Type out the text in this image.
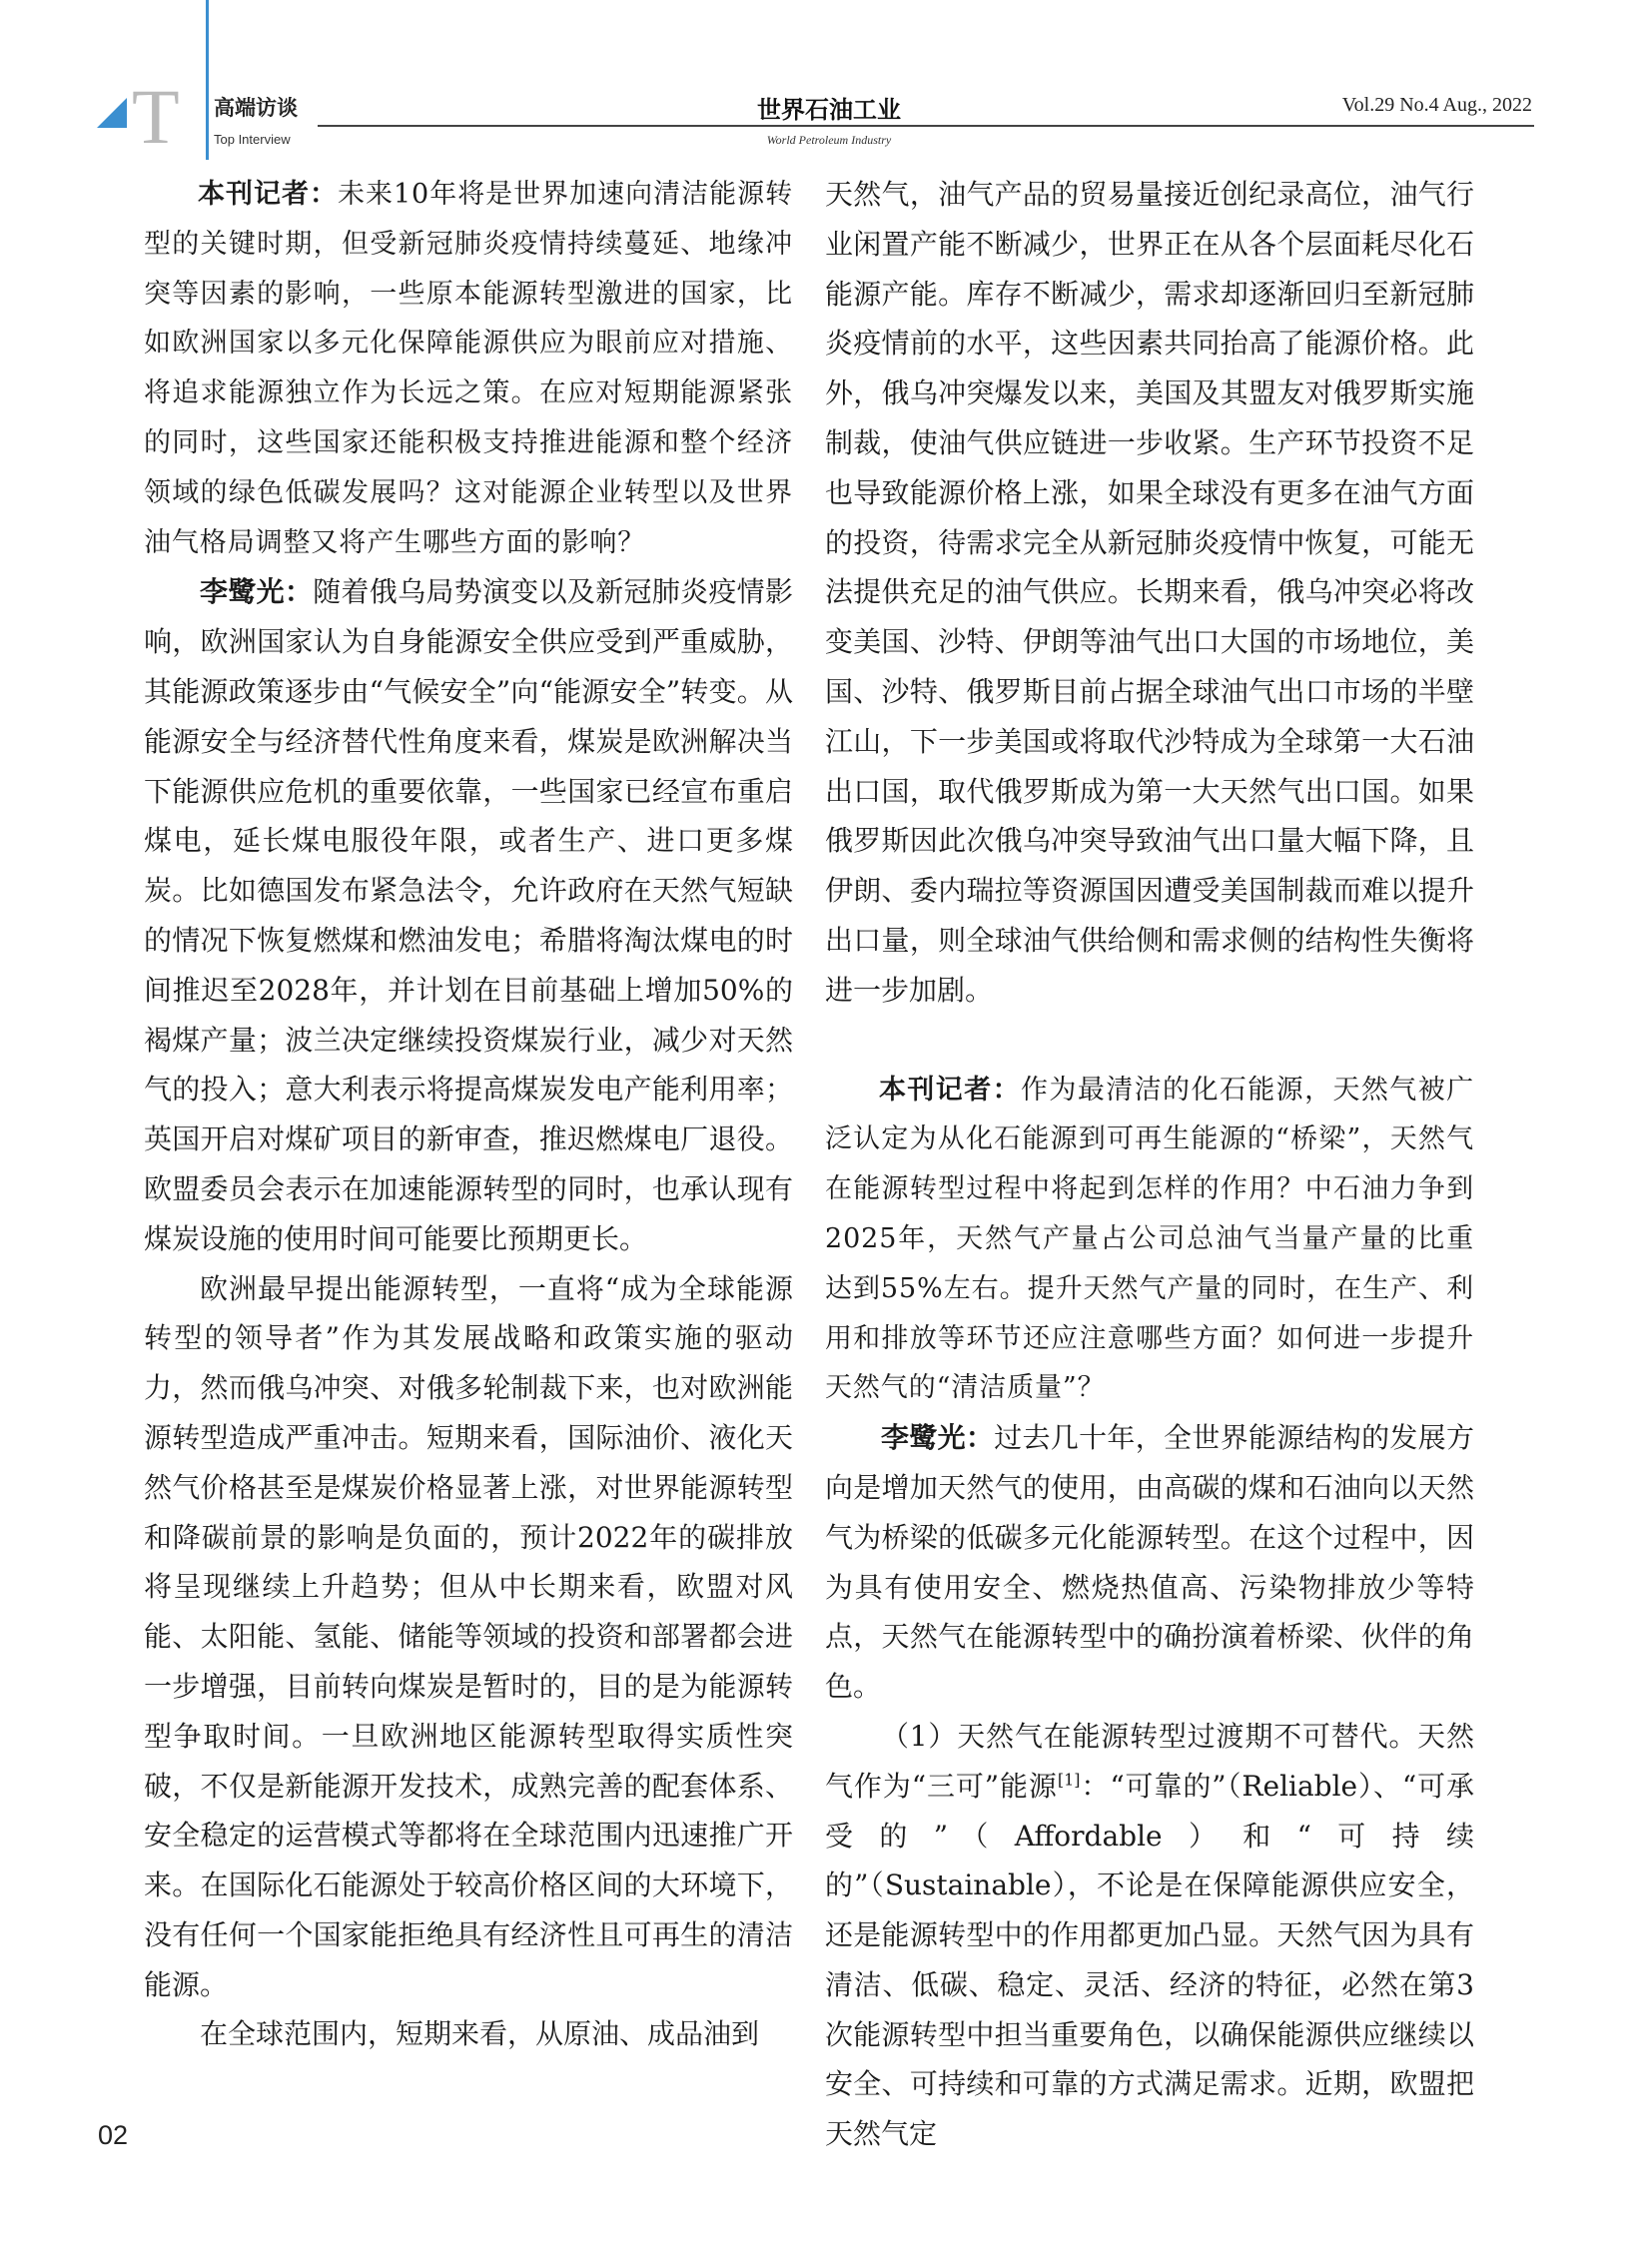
T 高端访谈
Top Interview
世界石油工业
World Petroleum Industry
Vol.29 No.4 Aug., 2022

本刊记者：未来10年将是世界加速向清洁能源转型的关键时期，但受新冠肺炎疫情持续蔓延、地缘冲突等因素的影响，一些原本能源转型激进的国家，比如欧洲国家以多元化保障能源供应为眼前应对措施、将追求能源独立作为长远之策。在应对短期能源紧张的同时，这些国家还能积极支持推进能源和整个经济领域的绿色低碳发展吗？这对能源企业转型以及世界油气格局调整又将产生哪些方面的影响？

李鹭光：随着俄乌局势演变以及新冠肺炎疫情影响，欧洲国家认为自身能源安全供应受到严重威胁，其能源政策逐步由“气候安全”向“能源安全”转变。从能源安全与经济替代性角度来看，煤炭是欧洲解决当下能源供应危机的重要依靠，一些国家已经宣布重启煤电，延长煤电服役年限，或者生产、进口更多煤炭。比如德国发布紧急法令，允许政府在天然气短缺的情况下恢复燃煤和燃油发电；希腊将淘汰煤电的时间推迟至2028年，并计划在目前基础上增加50%的褐煤产量；波兰决定继续投资煤炭行业，减少对天然气的投入；意大利表示将提高煤炭发电产能利用率；英国开启对煤矿项目的新审查，推迟燃煤电厂退役。欧盟委员会表示在加速能源转型的同时，也承认现有煤炭设施的使用时间可能要比预期更长。

欧洲最早提出能源转型，一直将“成为全球能源转型的领导者”作为其发展战略和政策实施的驱动力，然而俄乌冲突、对俄多轮制裁下来，也对欧洲能源转型造成严重冲击。短期来看，国际油价、液化天然气价格甚至是煤炭价格显著上涨，对世界能源转型和降碳前景的影响是负面的，预计2022年的碳排放将呈现继续上升趋势；但从中长期来看，欧盟对风能、太阳能、氢能、储能等领域的投资和部署都会进一步增强，目前转向煤炭是暂时的，目的是为能源转型争取时间。一旦欧洲地区能源转型取得实质性突破，不仅是新能源开发技术，成熟完善的配套体系、安全稳定的运营模式等都将在全球范围内迅速推广开来。在国际化石能源处于较高价格区间的大环境下，没有任何一个国家能拒绝具有经济性且可再生的清洁能源。

在全球范围内，短期来看，从原油、成品油到

天然气，油气产品的贸易量接近创纪录高位，油气行业闲置产能不断减少，世界正在从各个层面耗尽化石能源产能。库存不断减少，需求却逐渐回归至新冠肺炎疫情前的水平，这些因素共同抬高了能源价格。此外，俄乌冲突爆发以来，美国及其盟友对俄罗斯实施制裁，使油气供应链进一步收紧。生产环节投资不足也导致能源价格上涨，如果全球没有更多在油气方面的投资，待需求完全从新冠肺炎疫情中恢复，可能无法提供充足的油气供应。长期来看，俄乌冲突必将改变美国、沙特、伊朗等油气出口大国的市场地位，美国、沙特、俄罗斯目前占据全球油气出口市场的半壁江山，下一步美国或将取代沙特成为全球第一大石油出口国，取代俄罗斯成为第一大天然气出口国。如果俄罗斯因此次俄乌冲突导致油气出口量大幅下降，且伊朗、委内瑞拉等资源国因遭受美国制裁而难以提升出口量，则全球油气供给侧和需求侧的结构性失衡将进一步加剧。

本刊记者：作为最清洁的化石能源，天然气被广泛认定为从化石能源到可再生能源的“桥梁”，天然气在能源转型过程中将起到怎样的作用？中石油力争到2025年，天然气产量占公司总油气当量产量的比重达到55%左右。提升天然气产量的同时，在生产、利用和排放等环节还应注意哪些方面？如何进一步提升天然气的“清洁质量”？

李鹭光：过去几十年，全世界能源结构的发展方向是增加天然气的使用，由高碳的煤和石油向以天然气为桥梁的低碳多元化能源转型。在这个过程中，因为具有使用安全、燃烧热值高、污染物排放少等特点，天然气在能源转型中的确扮演着桥梁、伙伴的角色。

（1）天然气在能源转型过渡期不可替代。天然气作为“三可”能源[1]：“可靠的”（Reliable）、“可承受的”（Affordable）和“可持续的”（Sustainable），不论是在保障能源供应安全，还是能源转型中的作用都更加凸显。天然气因为具有清洁、低碳、稳定、灵活、经济的特征，必然在第3次能源转型中担当重要角色，以确保能源供应继续以安全、可持续和可靠的方式满足需求。近期，欧盟把天然气定

02
